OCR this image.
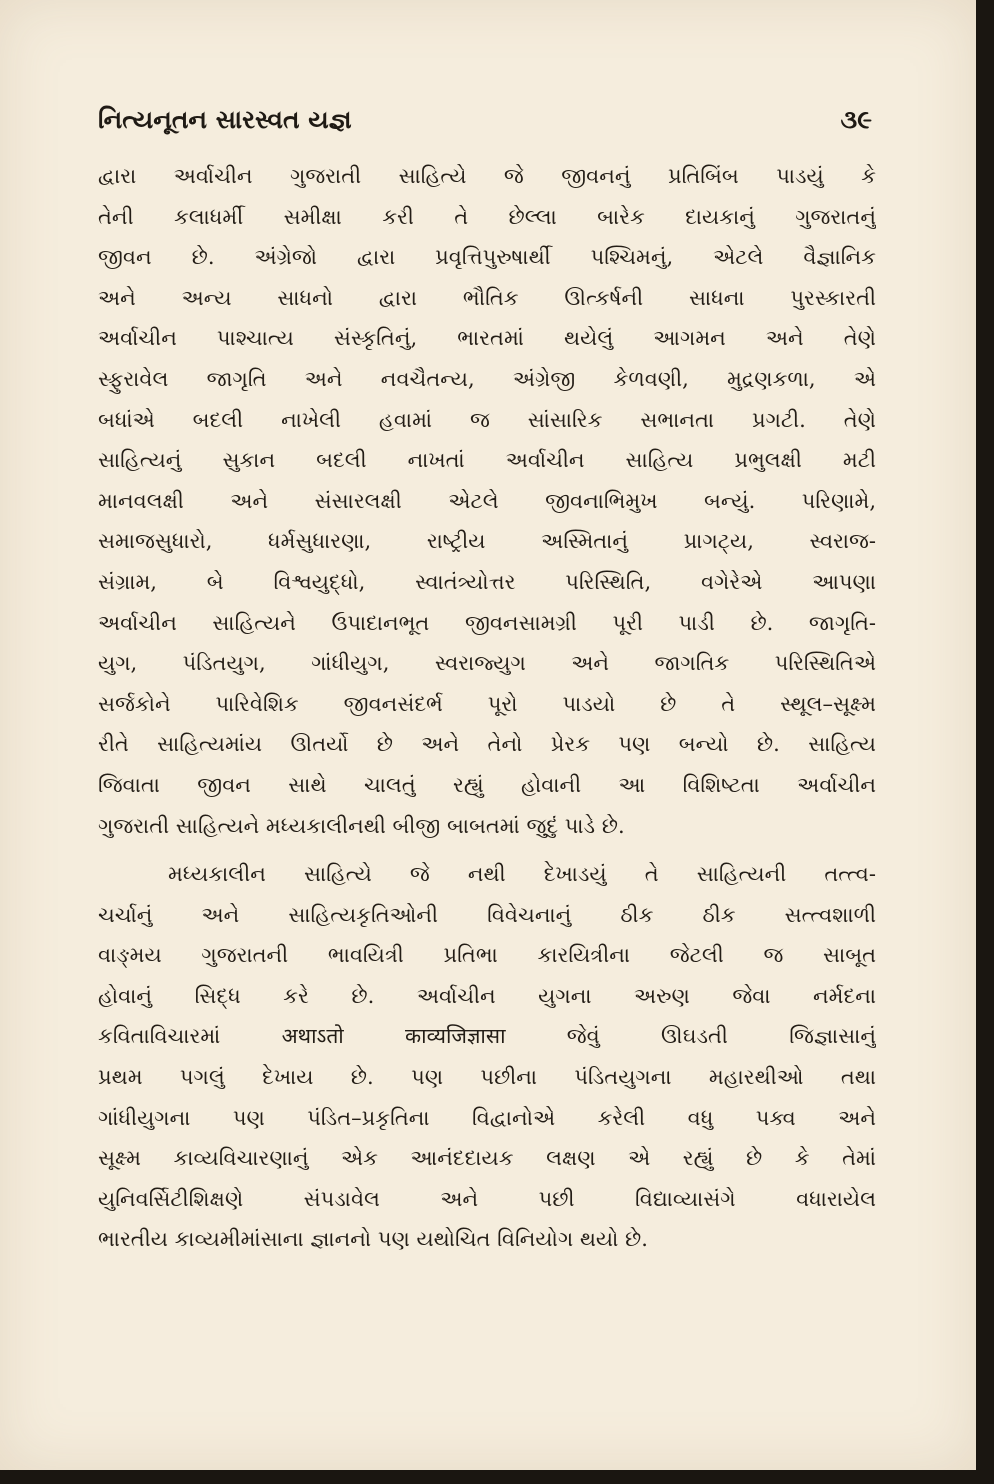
નિત્યનૂતન સારસ્વત યજ્ઞ	૩૯
દ્વારા અર્વાચીન ગુજરાતી સાહિત્યે જે જીવનનું પ્રતિબિંબ પાડયું કે
તેની કલાધર્મી સમીક્ષા કરી તે છેલ્લા બારેક દાયકાનું ગુજરાતનું
જીવન છે. અંગ્રેજો દ્વારા પ્રવૃત્તિપુરુષાર્થી પશ્ચિમનું, એટલે વૈજ્ઞાનિક
અને અન્ય સાધનો દ્વારા ભૌતિક ઊત્કર્ષની સાધના પુરસ્કારતી
અર્વાચીન પાશ્ચાત્ય સંસ્કૃતિનું, ભારતમાં થયેલું આગમન અને તેણે
સ્ફુરાવેલ જાગૃતિ અને નવચૈતન્ય, અંગ્રેજી કેળવણી, મુદ્રણકળા, એ
બધાંએ બદલી નાખેલી હવામાં જ સાંસારિક સભાનતા પ્રગટી. તેણે
સાહિત્યનું સુકાન બદલી નાખતાં અર્વાચીન સાહિત્ય પ્રભુલક્ષી મટી
માનવલક્ષી અને સંસારલક્ષી એટલે જીવનાભિમુખ બન્યું. પરિણામે,
સમાજસુધારો, ધર્મસુધારણા, રાષ્ટ્રીય અસ્મિતાનું પ્રાગટ્ય, સ્વરાજ-
સંગ્રામ, બે વિશ્વયુદ્ધો, સ્વાતંત્ર્યોત્તર પરિસ્થિતિ, વગેરેએ આપણા
અર્વાચીન સાહિત્યને ઉપાદાનભૂત જીવનસામગ્રી પૂરી પાડી છે. જાગૃતિ-
યુગ, પંડિતયુગ, ગાંધીયુગ, સ્વરાજ્યુગ અને જાગતિક પરિસ્થિતિએ
સર્જકોને પારિવેશિક જીવનસંદર્ભ પૂરો પાડયો છે તે સ્થૂલ–સૂક્ષ્મ
રીતે સાહિત્યમાંય ઊતર્યો છે અને તેનો પ્રેરક પણ બન્યો છે. સાહિત્ય
જિવાતા જીવન સાથે ચાલતું રહ્યું હોવાની આ વિશિષ્ટતા અર્વાચીન
ગુજરાતી સાહિત્યને મધ્યકાલીનથી બીજી બાબતમાં જુદું પાડે છે.
મધ્યકાલીન સાહિત્યે જે નથી દેખાડયું તે સાહિત્યની તત્ત્વ-
ચર્ચાનું અને સાહિત્યકૃતિઓની વિવેચનાનું ઠીક ઠીક સત્ત્વશાળી
વાઙ્મય ગુજરાતની ભાવયિત્રી પ્રતિભા કારયિત્રીના જેટલી જ સાબૂત
હોવાનું સિદ્ધ કરે છે. અર્વાચીન યુગના અરુણ જેવા નર્મદના
કવિતાવિચારમાં अथाऽतो काव्यजिज्ञासा જેવું ઊઘડતી જિજ્ઞાસાનું
પ્રથમ પગલું દેખાય છે. પણ પછીના પંડિતયુગના મહારથીઓ તથા
ગાંધીયુગના પણ પંડિત–પ્રકૃતિના વિદ્વાનોએ કરેલી વધુ પક્વ અને
સૂક્ષ્મ કાવ્યવિચારણાનું એક આનંદદાયક લક્ષણ એ રહ્યું છે કે તેમાં
યુનિવર્સિટીશિક્ષણે સંપડાવેલ અને પછી વિદ્યાવ્યાસંગે વધારાયેલ
ભારતીય કાવ્યમીમાંસાના જ્ઞાનનો પણ યથોચિત વિનિયોગ થયો છે.
